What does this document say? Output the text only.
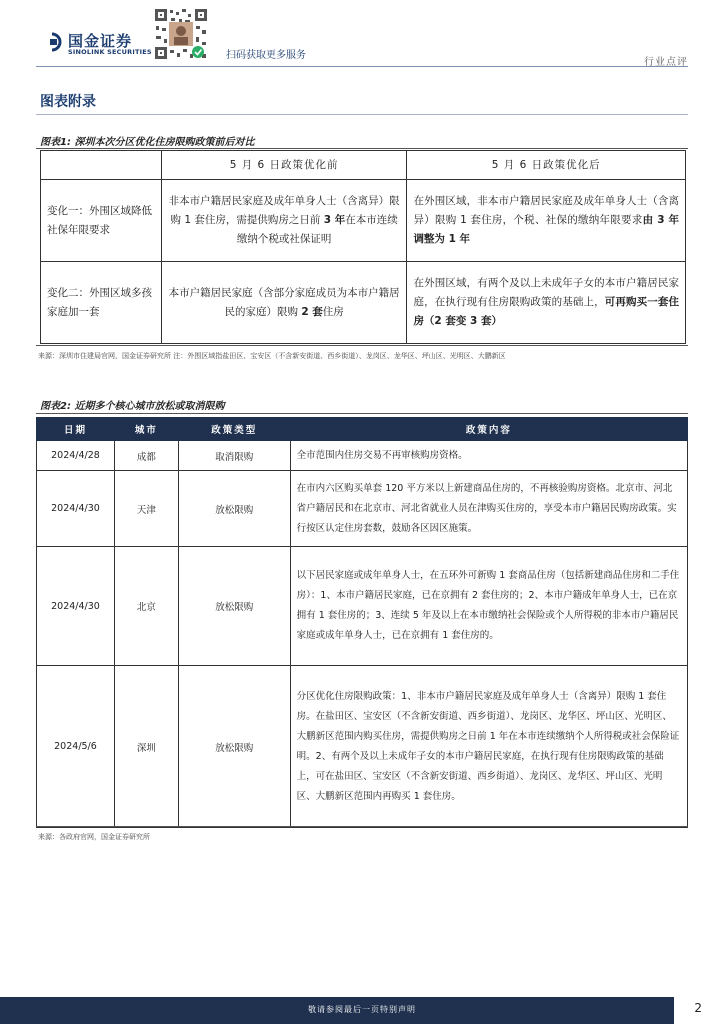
国金证券
SINOLINK SECURITIES	扫码获取更多服务
行业点评
图表附录
图表1: 深圳本次分区优化住房限购政策前后对比
	5 月 6 日政策优化前	5 月 6 日政策优化后
变化一：外围区域降低社保年限要求	非本市户籍居民家庭及成年单身人士（含离异）限购 1 套住房，需提供购房之日前 3 年在本市连续缴纳个税或社保证明	在外围区域，非本市户籍居民家庭及成年单身人士（含离异）限购 1 套住房，个税、社保的缴纳年限要求由 3 年调整为 1 年
变化二：外围区域多孩家庭加一套	本市户籍居民家庭（含部分家庭成员为本市户籍居民的家庭）限购 2 套住房	在外围区域，有两个及以上未成年子女的本市户籍居民家庭，在执行现有住房限购政策的基础上，可再购买一套住房（2 套变 3 套）
来源：深圳市住建局官网，国金证券研究所 注：外围区域指盐田区、宝安区（不含新安街道、西乡街道）、龙岗区、龙华区、坪山区、光明区、大鹏新区
图表2: 近期多个核心城市放松或取消限购
日期	城市	政策类型	政策内容
2024/4/28	成都	取消限购	全市范围内住房交易不再审核购房资格。
2024/4/30	天津	放松限购	在市内六区购买单套 120 平方米以上新建商品住房的，不再核验购房资格。北京市、河北省户籍居民和在北京市、河北省就业人员在津购买住房的，享受本市户籍居民购房政策。实行按区认定住房套数，鼓励各区因区施策。
2024/4/30	北京	放松限购	以下居民家庭或成年单身人士，在五环外可新购 1 套商品住房（包括新建商品住房和二手住房）：1、本市户籍居民家庭，已在京拥有 2 套住房的；2、本市户籍成年单身人士，已在京拥有 1 套住房的；3、连续 5 年及以上在本市缴纳社会保险或个人所得税的非本市户籍居民家庭或成年单身人士，已在京拥有 1 套住房的。
2024/5/6	深圳	放松限购	分区优化住房限购政策：1、非本市户籍居民家庭及成年单身人士（含离异）限购 1 套住房。在盐田区、宝安区（不含新安街道、西乡街道）、龙岗区、龙华区、坪山区、光明区、大鹏新区范围内购买住房，需提供购房之日前 1 年在本市连续缴纳个人所得税或社会保险证明。2、有两个及以上未成年子女的本市户籍居民家庭，在执行现有住房限购政策的基础上，可在盐田区、宝安区（不含新安街道、西乡街道）、龙岗区、龙华区、坪山区、光明区、大鹏新区范围内再购买 1 套住房。
来源：各政府官网，国金证券研究所
敬请参阅最后一页特别声明	2
